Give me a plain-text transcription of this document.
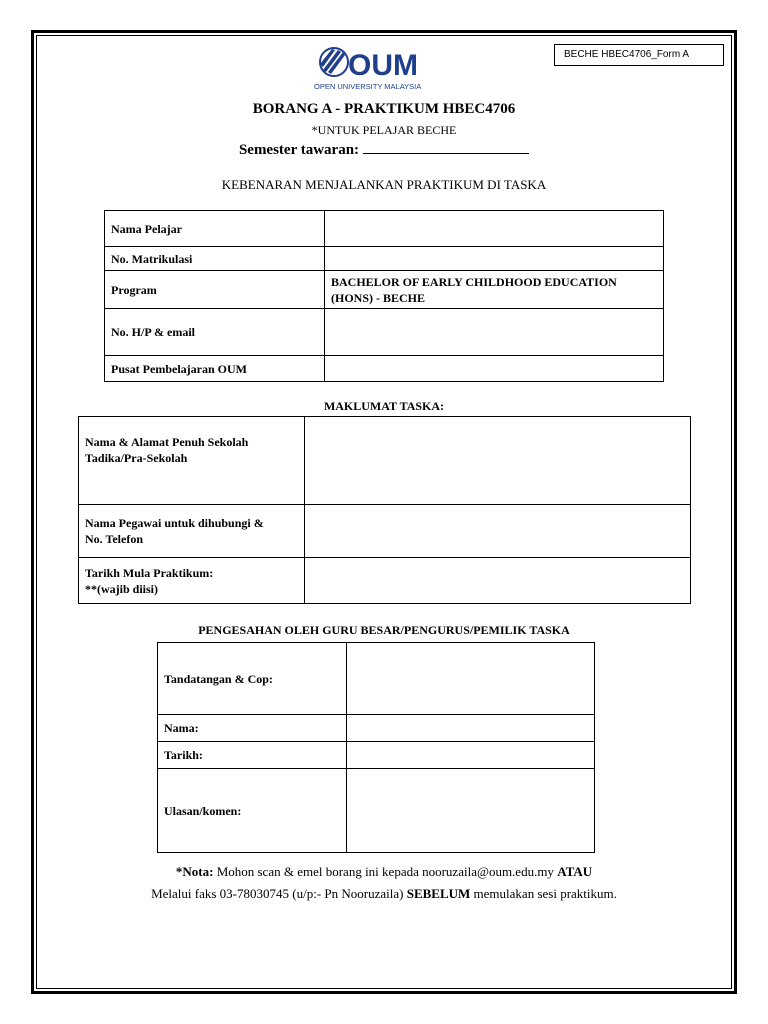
BECHE HBEC4706_Form A
OUM
OPEN UNIVERSITY MALAYSIA
BORANG A - PRAKTIKUM HBEC4706
*UNTUK PELAJAR BECHE
Semester tawaran:
KEBENARAN MENJALANKAN PRAKTIKUM DI TASKA
Nama Pelajar	
No. Matrikulasi	
Program	BACHELOR OF EARLY CHILDHOOD EDUCATION
(HONS) - BECHE

No. H/P & email	
Pusat Pembelajaran OUM	
MAKLUMAT TASKA:
Nama & Alamat Penuh Sekolah
Tadika/Pra-Sekolah	

Nama Pegawai untuk dihubungi &
No. Telefon	

Tarikh Mula Praktikum:
**(wajib diisi)	

PENGESAHAN OLEH GURU BESAR/PENGURUS/PEMILIK TASKA
Tandatangan & Cop:	
Nama:	
Tarikh:	
Ulasan/komen:	
*Nota: Mohon scan & emel borang ini kepada nooruzaila@oum.edu.my ATAU
Melalui faks 03-78030745 (u/p:- Pn Nooruzaila) SEBELUM memulakan sesi praktikum.
